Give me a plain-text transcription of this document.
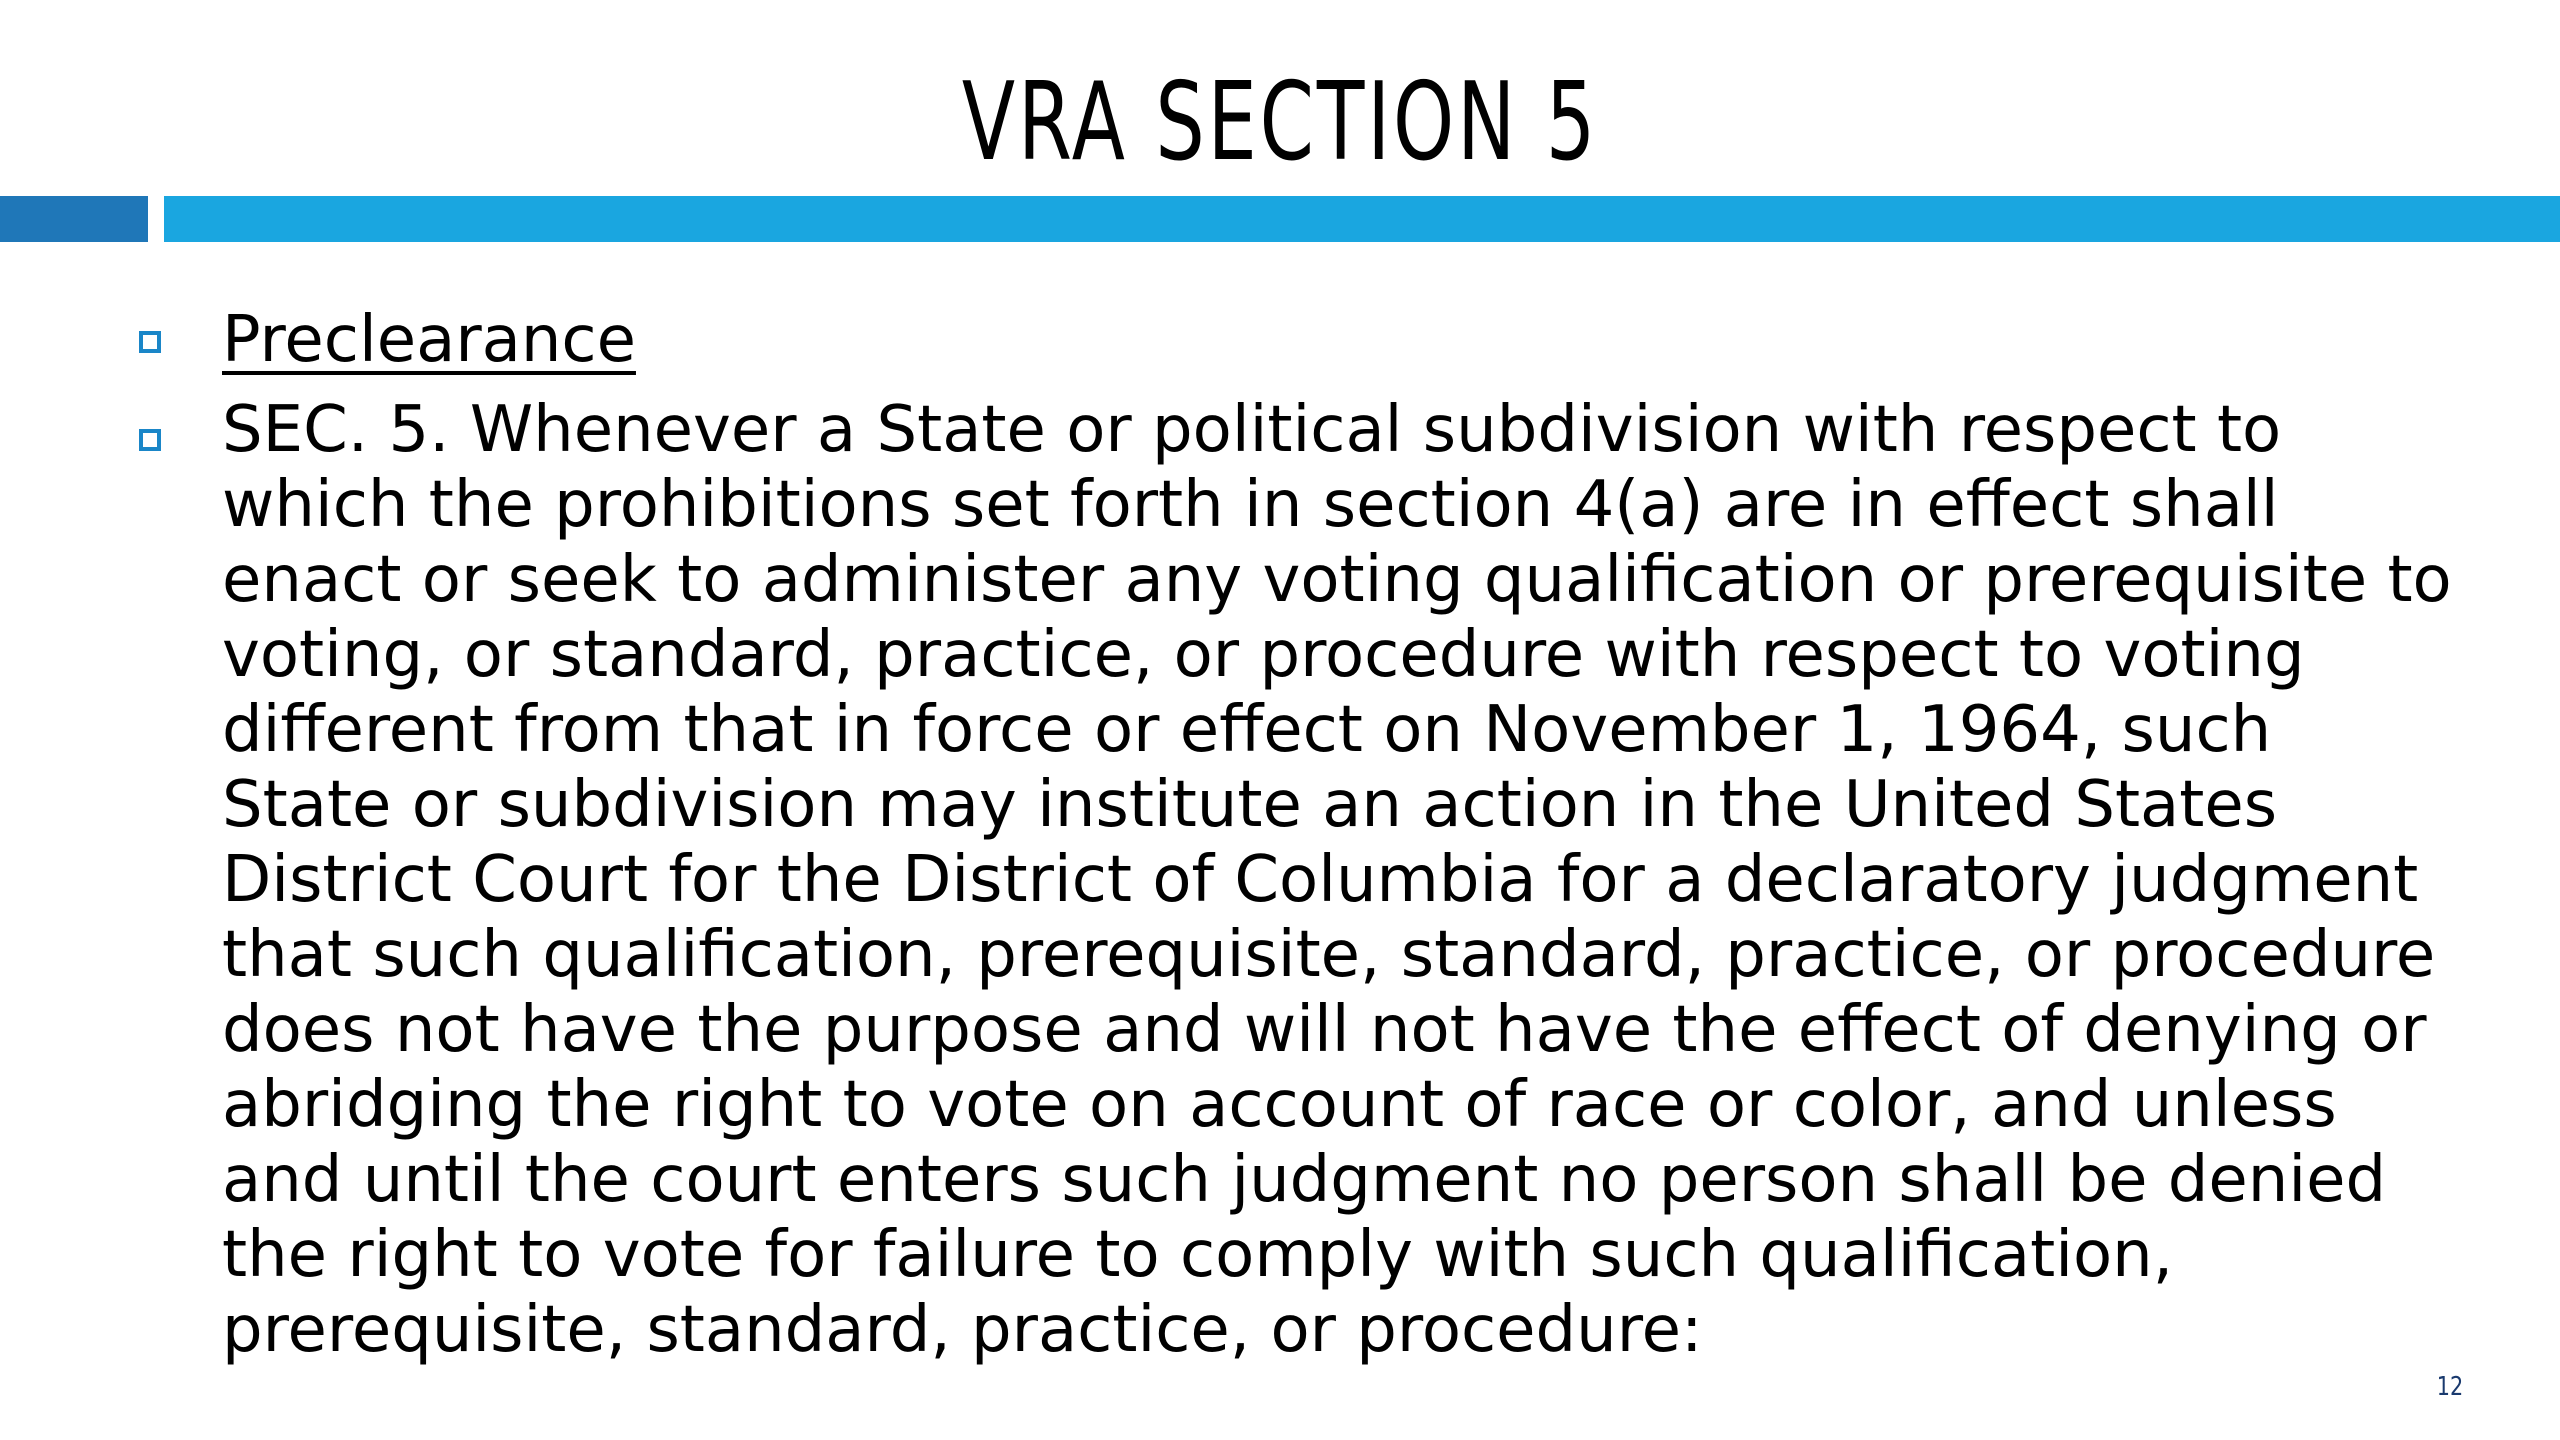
VRA SECTION 5
Preclearance
SEC. 5. Whenever a State or political subdivision with respect to which the prohibitions set forth in section 4(a) are in effect shall enact or seek to administer any voting qualification or prerequisite to voting, or standard, practice, or procedure with respect to voting different from that in force or effect on November 1, 1964, such State or subdivision may institute an action in the United States District Court for the District of Columbia for a declaratory judgment that such qualification, prerequisite, standard, practice, or procedure does not have the purpose and will not have the effect of denying or abridging the right to vote on account of race or color, and unless and until the court enters such judgment no person shall be denied the right to vote for failure to comply with such qualification, prerequisite, standard, practice, or procedure:
12
